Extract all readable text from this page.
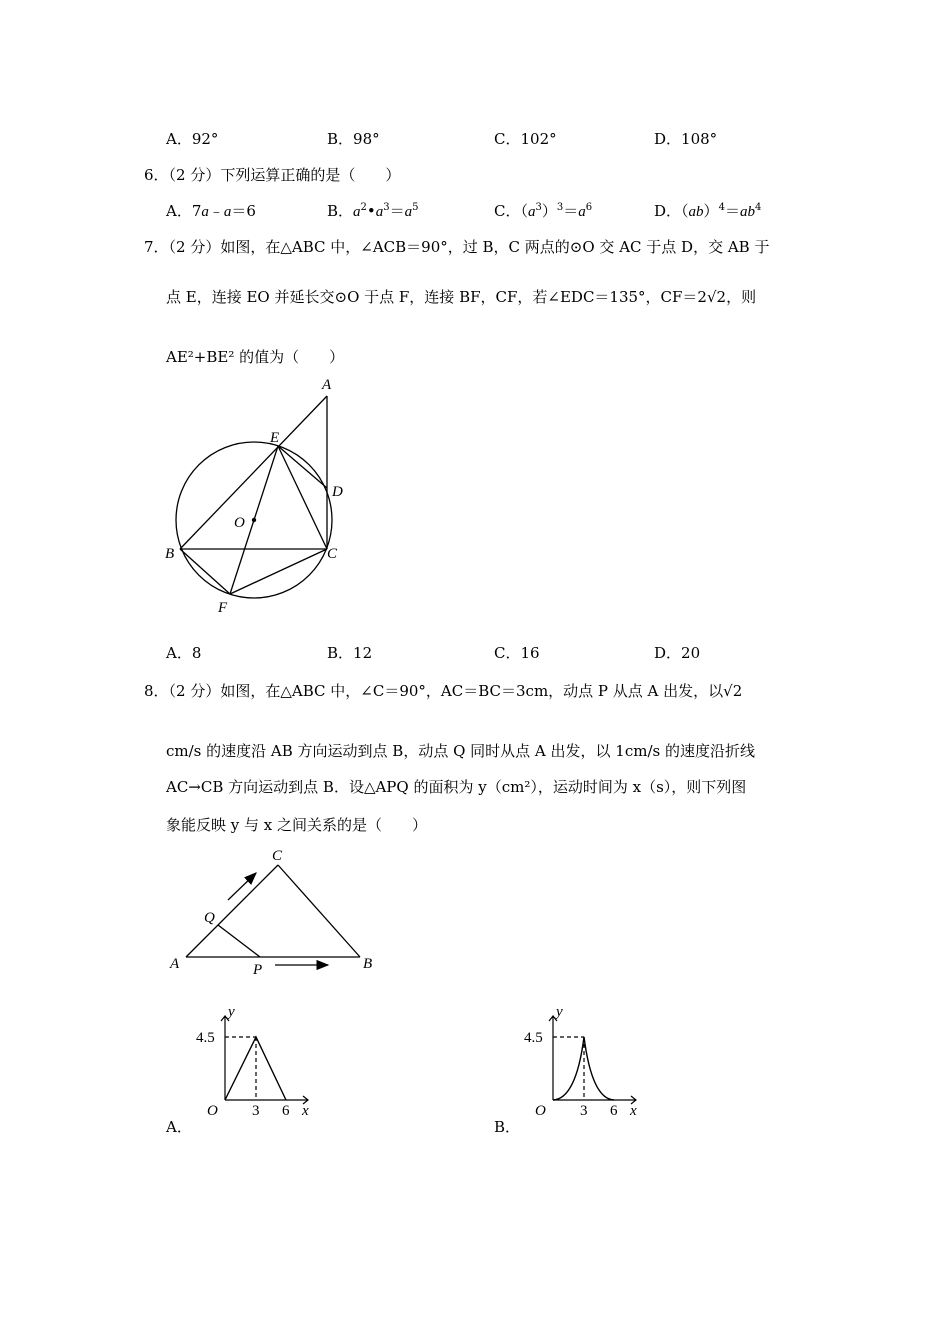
A．92°	B．98°	C．102°	D．108°
6．（2 分）下列运算正确的是（　　）
A．7a﹣a＝6	B．$a^2•a^3=a^5$	C．$(a^3)^3=a^6$	D．$(ab)^4=ab^4$
7．（2 分）如图，在△ABC 中，∠ACB＝90°，过 B，C 两点的⊙O 交 AC 于点 D，交 AB 于
点 E，连接 EO 并延长交⊙O 于点 F，连接 BF，CF，若∠EDC＝135°，CF＝2√2，则
AE²+BE² 的值为（　　）
A
E
D
O
B	C
F
A．8	B．12	C．16	D．20
8．（2 分）如图，在△ABC 中，∠C＝90°，AC＝BC＝3cm，动点 P 从点 A 出发，以√2
cm/s 的速度沿 AB 方向运动到点 B，动点 Q 同时从点 A 出发，以 1cm/s 的速度沿折线
AC→CB 方向运动到点 B．设△APQ 的面积为 y（cm²），运动时间为 x（s），则下列图
象能反映 y 与 x 之间关系的是（　　）
C
Q
A	P	B
y
4.5
O 3 6 x
A．
y
4.5
O 3 6 x
B．
